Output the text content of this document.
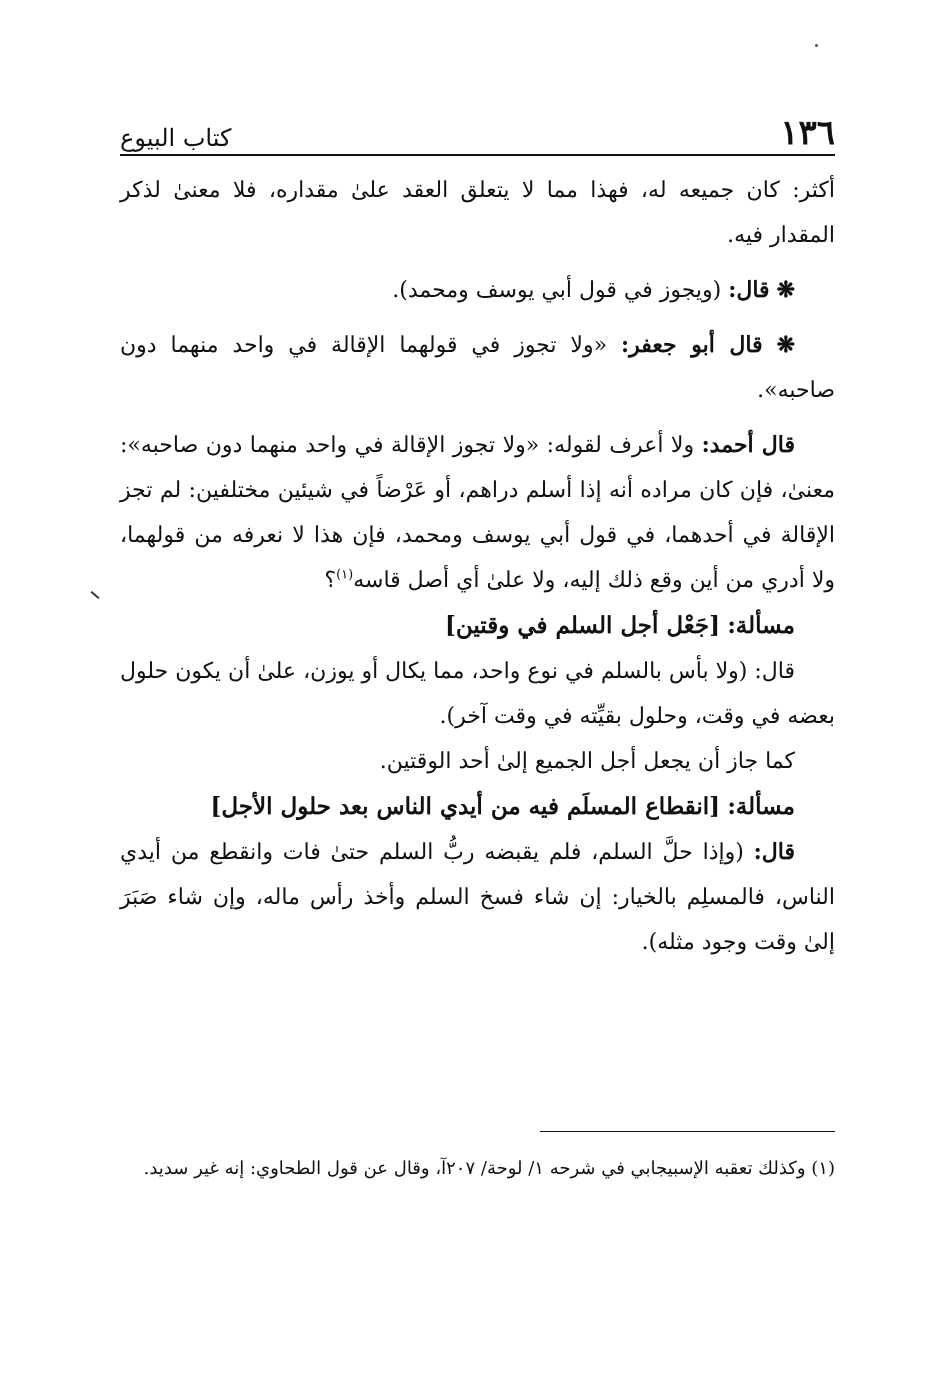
١٣٦
كتاب البيوع

أكثر: كان جميعه له، فهذا مما لا يتعلق العقد علىٰ مقداره، فلا معنىٰ لذكر المقدار فيه.

❋ قال: (ويجوز في قول أبي يوسف ومحمد).

❋ قال أبو جعفر: «ولا تجوز في قولهما الإقالة في واحد منهما دون صاحبه».

قال أحمد: ولا أعرف لقوله: «ولا تجوز الإقالة في واحد منهما دون صاحبه»: معنىٰ، فإن كان مراده أنه إذا أسلم دراهم، أو عَرْضاً في شيئين مختلفين: لم تجز الإقالة في أحدهما، في قول أبي يوسف ومحمد، فإن هذا لا نعرفه من قولهما، ولا أدري من أين وقع ذلك إليه، ولا علىٰ أي أصل قاسه$^{(١)}$؟

مسألة: [جَعْل أجل السلم في وقتين]

قال: (ولا بأس بالسلم في نوع واحد، مما يكال أو يوزن، علىٰ أن يكون حلول بعضه في وقت، وحلول بقيِّته في وقت آخر).

كما جاز أن يجعل أجل الجميع إلىٰ أحد الوقتين.

مسألة: [انقطاع المسلَم فيه من أيدي الناس بعد حلول الأجل]

قال: (وإذا حلَّ السلم، فلم يقبضه ربُّ السلم حتىٰ فات وانقطع من أيدي الناس، فالمسلِم بالخيار: إن شاء فسخ السلم وأخذ رأس ماله، وإن شاء صَبَرَ إلىٰ وقت وجود مثله).

(١) وكذلك تعقبه الإسبيجابي في شرحه ١/ لوحة/ ٢٠٧آ، وقال عن قول الطحاوي: إنه غير سديد.
